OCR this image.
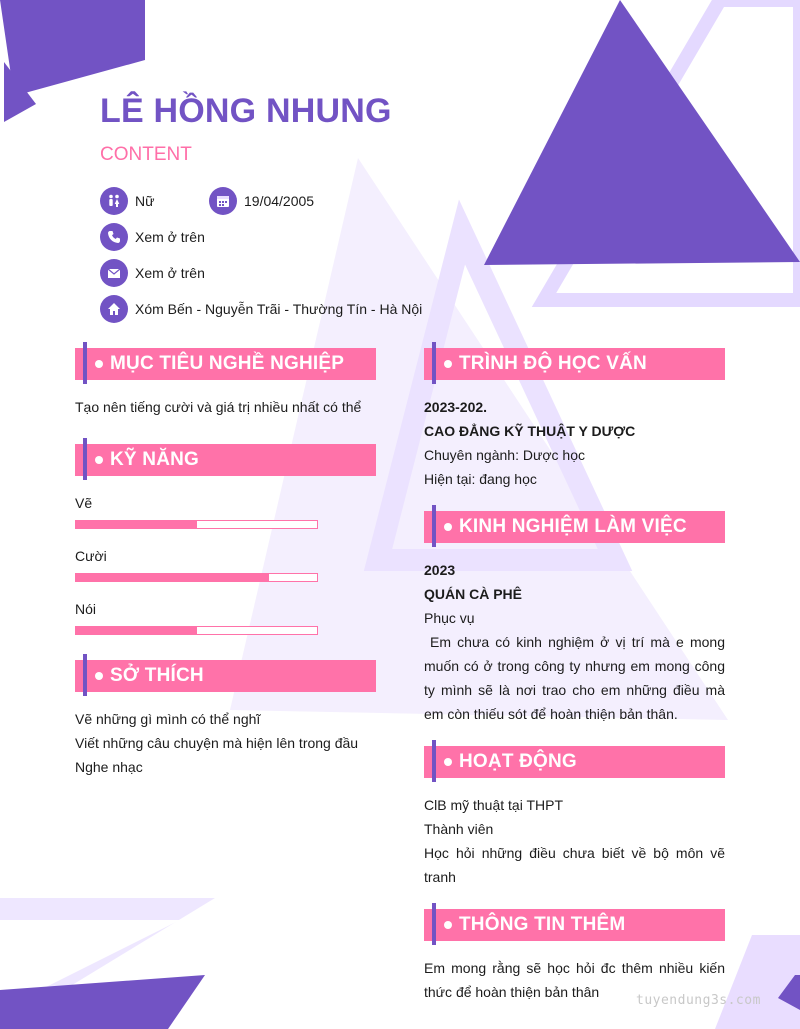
LÊ HỒNG NHUNG
CONTENT
Nữ	19/04/2005
Xem ở trên
Xem ở trên
Xóm Bến - Nguyễn Trãi - Thường Tín - Hà Nội
MỤC TIÊU NGHỀ NGHIỆP
Tạo nên tiếng cười và giá trị nhiều nhất có thể
KỸ NĂNG
Vẽ
Cười
Nói
SỞ THÍCH
Vẽ những gì mình có thể nghĩ
Viết những câu chuyện mà hiện lên trong đầu
Nghe nhạc
TRÌNH ĐỘ HỌC VẤN
2023-202.
CAO ĐẲNG KỸ THUẬT Y DƯỢC
Chuyên ngành: Dược học
Hiện tại: đang học
KINH NGHIỆM LÀM VIỆC
2023
QUÁN CÀ PHÊ
Phục vụ
Em chưa có kinh nghiệm ở vị trí mà e mong muốn có ở trong công ty nhưng em mong công ty mình sẽ là nơi trao cho em những điều mà em còn thiếu sót để hoàn thiện bản thân.
HOẠT ĐỘNG
ClB mỹ thuật tại THPT
Thành viên
Học hỏi những điều chưa biết về bộ môn vẽ tranh
THÔNG TIN THÊM
Em mong rằng sẽ học hỏi đc thêm nhiều kiến thức để hoàn thiện bản thân
tuyendung3s.com
